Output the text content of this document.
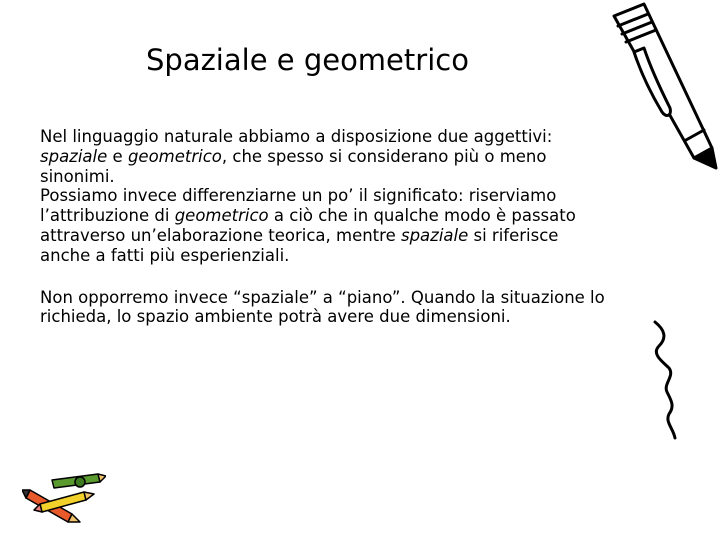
Spaziale e geometrico

Nel linguaggio naturale abbiamo a disposizione due aggettivi:
spaziale e geometrico, che spesso si considerano più o meno
sinonimi.
Possiamo invece differenziarne un po’ il significato: riserviamo
l’attribuzione di geometrico a ciò che in qualche modo è passato
attraverso un’elaborazione teorica, mentre spaziale si riferisce
anche a fatti più esperienziali.

Non opporremo invece “spaziale” a “piano”. Quando la situazione lo
richieda, lo spazio ambiente potrà avere due dimensioni.
